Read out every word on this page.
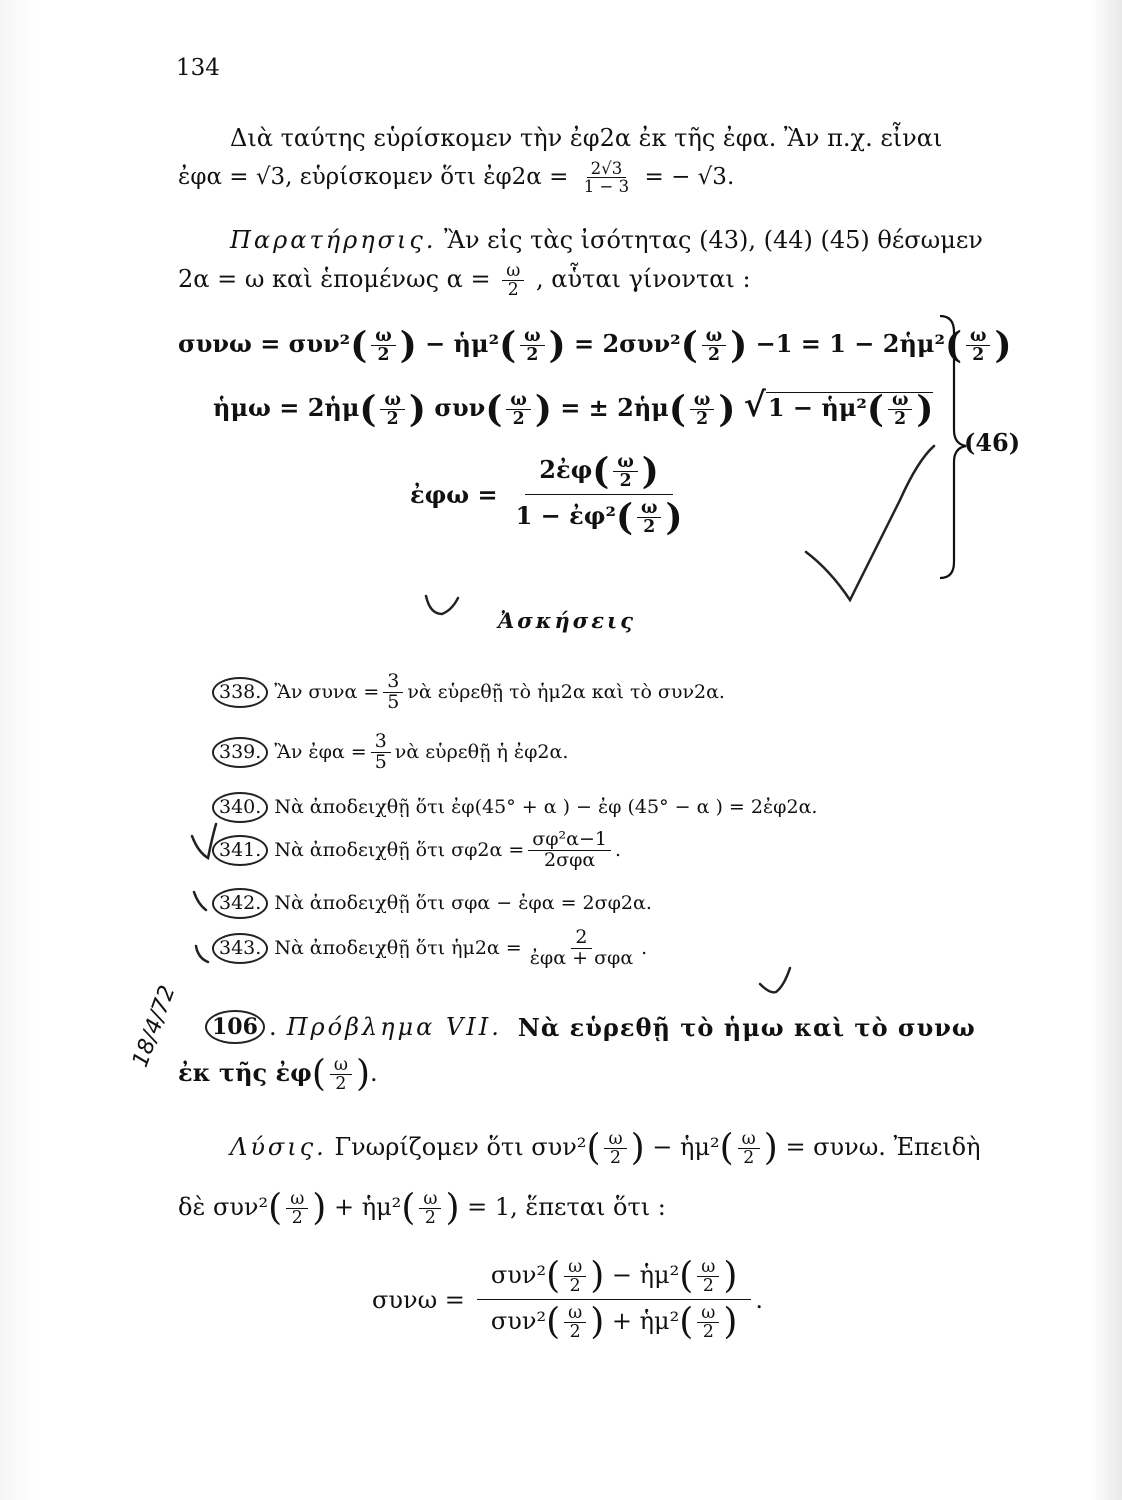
134
Διὰ ταύτης εὑρίσκομεν τὴν ἐφ2α ἐκ τῆς ἐφα. Ἂν π.χ. εἶναι
ἐφα = √3, εὑρίσκομεν ὅτι ἐφ2α = $\frac{2√3}{1 - 3}$ = − √3.
Παρατήρησις. Ἂν εἰς τὰς ἰσότητας (43), (44) (45) θέσωμεν
2α = ω καὶ ἑπομένως $\alpha = \frac{\omega}{2}$ , αὗται γίνονται :
$\sigma\upsilon\nu\omega = \sigma\upsilon\nu^2( \frac{\omega}{2}$ ) − ἡμ²( $\frac{\omega}{2}$ ) = $2\sigma\upsilon\nu^2( \frac{\omega}{2}$ ) −1 = 1 − 2ἡμ²( $\frac{\omega}{2}$ )
ἡμω = 2ἡμ( $\frac{\omega}{2}$ ) $\sigma\upsilon\nu( \frac{\omega}{2}$ ) = ± 2ἡμ( $\frac{\omega}{2}$ ) √1 − ἡμ²( $\frac{\omega}{2}$ )
ἐφω = $\frac{2ἐ\varphi( \frac{\omega}{2} )}{1 - ἐ\varphi^2( \frac{\omega}{2} )}$
(46)
Ἀσκήσεις
338. Ἂν $\sigma\upsilon\nu\alpha = \frac{3}{5}$ νὰ εὑρεθῇ τὸ ἡμ2α καὶ τὸ συν2α.
339. Ἂν ἐφα = $\frac{3}{5}$ νὰ εὑρεθῇ ἡ ἐφ2α.
340. Νὰ ἀποδειχθῇ ὅτι ἐφ(45° + α ) − ἐφ (45° − α ) = 2ἐφ2α.
341. Νὰ ἀποδειχθῇ ὅτι $\sigma\varphi 2\alpha = \frac{\text{σφ²α−1}}{\text{2σφα}}$ .
342. Νὰ ἀποδειχθῇ ὅτι σφα − ἐφα = 2σφ2α.
343. Νὰ ἀποδειχθῇ ὅτι ἡμ2α = $\frac{2}{\text{ἐφα + σφα}}$ .
18/4/72	106 . Πρόβλημα VII. Νὰ εὑρεθῇ τὸ ἡμω καὶ τὸ συνω
ἐκ τῆς ἐφ( $\frac{\omega}{2}$ ).
Λύσις. Γνωρίζομεν ὅτι $\sigma\upsilon\nu^2( \frac{\omega}{2}$ ) − ἡμ²( $\frac{\omega}{2}$ ) = συνω. Ἐπειδὴ
δὲ $\sigma\upsilon\nu^2( \frac{\omega}{2}$ ) + ἡμ²( $\frac{\omega}{2}$ ) = 1, ἕπεται ὅτι :
$\sigma\upsilon\nu\omega = \frac{\sigma\upsilon\nu^2( \frac{\omega}{2} ) - ἡ\mu^2( \frac{\omega}{2} )}{\sigma\upsilon\nu^2( \frac{\omega}{2} ) + ἡ\mu^2( \frac{\omega}{2} )}$ .
